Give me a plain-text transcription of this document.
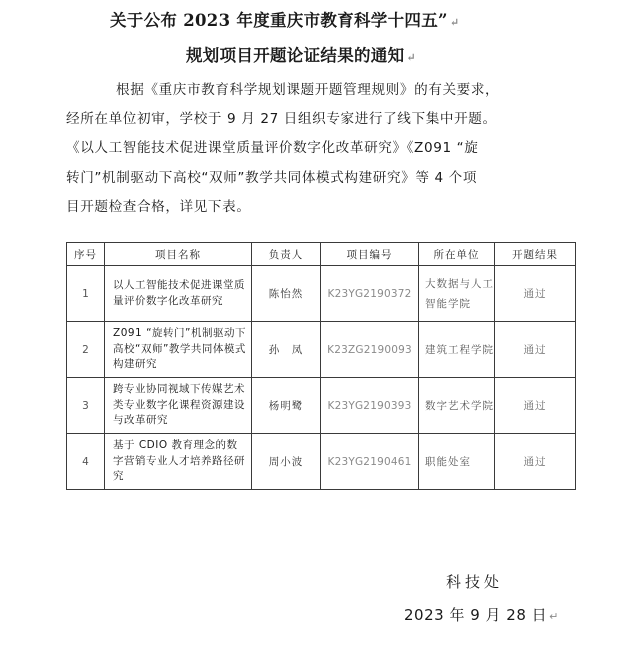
关于公布 2023 年度重庆市教育科学十四五” ↵
规划项目开题论证结果的通知 ↵

根据《重庆市教育科学规划课题开题管理规则》的有关要求，

经所在单位初审，学校于 9 月 27 日组织专家进行了线下集中开题。

《以人工智能技术促进课堂质量评价数字化改革研究》《Z091 “旋

转门”机制驱动下高校“双师”教学共同体模式构建研究》等 4 个项

目开题检查合格，详见下表。

序号	项目名称	负责人	项目编号	所在单位	开题结果
1	以人工智能技术促进课堂质量评价数字化改革研究	陈怡然	K23YG2190372	大数据与人工智能学院	通过
2	Z091 “旋转门”机制驱动下高校“双师”教学共同体模式构建研究	孙　凤	K23ZG2190093	建筑工程学院	通过
3	跨专业协同视域下传媒艺术类专业数字化课程资源建设与改革研究	杨明鹭	K23YG2190393	数字艺术学院	通过
4	基于 CDIO 教育理念的数字营销专业人才培养路径研究	周小波	K23YG2190461	职能处室	通过
科技处
2023 年 9 月 28 日 ↵
